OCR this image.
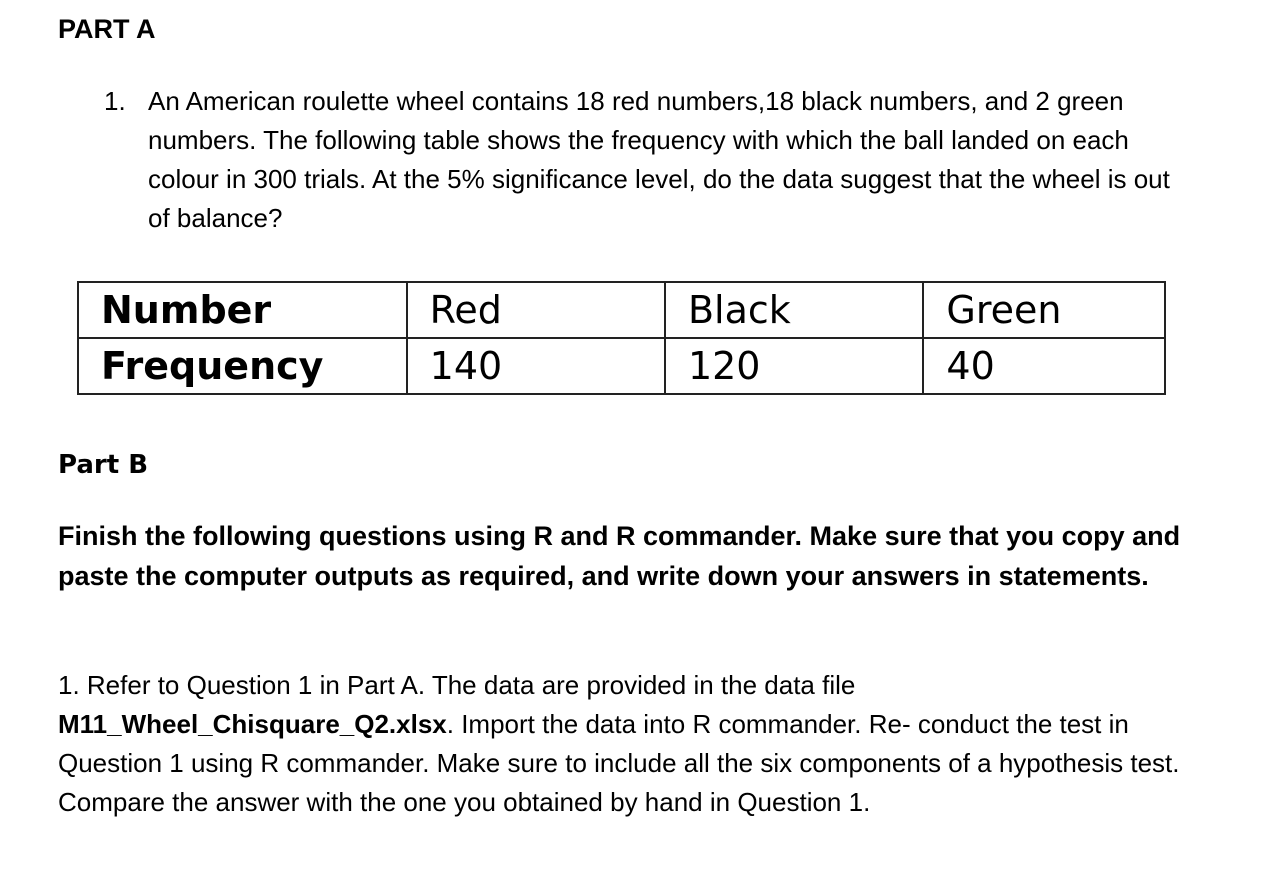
PART A
1. An American roulette wheel contains 18 red numbers,18 black numbers, and 2 green numbers. The following table shows the frequency with which the ball landed on each colour in 300 trials. At the 5% significance level, do the data suggest that the wheel is out of balance?
Number	Red	Black	Green
Frequency	140	120	40
Part B
Finish the following questions using R and R commander. Make sure that you copy and paste the computer outputs as required, and write down your answers in statements.
1. Refer to Question 1 in Part A. The data are provided in the data file
M11_Wheel_Chisquare_Q2.xlsx. Import the data into R commander. Re- conduct the test in Question 1 using R commander. Make sure to include all the six components of a hypothesis test. Compare the answer with the one you obtained by hand in Question 1.
